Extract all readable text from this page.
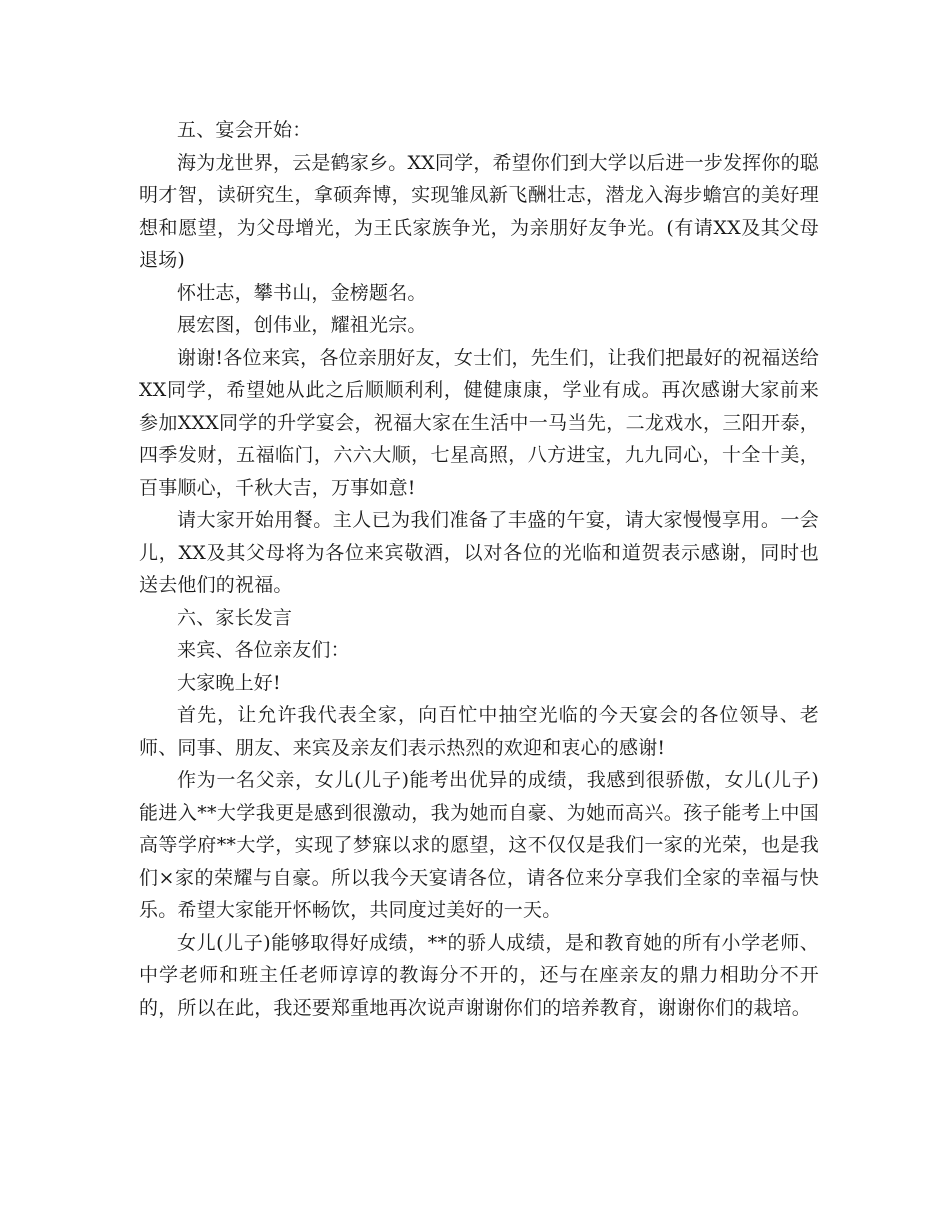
五、宴会开始：

海为龙世界，云是鹤家乡。XX同学，希望你们到大学以后进一步发挥你的聪明才智，读研究生，拿硕奔博，实现雏凤新飞酬壮志，潜龙入海步蟾宫的美好理想和愿望，为父母增光，为王氏家族争光，为亲朋好友争光。(有请XX及其父母退场)

怀壮志，攀书山，金榜题名。

展宏图，创伟业，耀祖光宗。

谢谢!各位来宾，各位亲朋好友，女士们，先生们，让我们把最好的祝福送给XX同学，希望她从此之后顺顺利利，健健康康，学业有成。再次感谢大家前来参加XXX同学的升学宴会，祝福大家在生活中一马当先，二龙戏水，三阳开泰，四季发财，五福临门，六六大顺，七星高照，八方进宝，九九同心，十全十美，百事顺心，千秋大吉，万事如意!

请大家开始用餐。主人已为我们准备了丰盛的午宴，请大家慢慢享用。一会儿，XX及其父母将为各位来宾敬酒，以对各位的光临和道贺表示感谢，同时也送去他们的祝福。

六、家长发言

来宾、各位亲友们：

大家晚上好!

首先，让允许我代表全家，向百忙中抽空光临的今天宴会的各位领导、老师、同事、朋友、来宾及亲友们表示热烈的欢迎和衷心的感谢!

作为一名父亲，女儿(儿子)能考出优异的成绩，我感到很骄傲，女儿(儿子)能进入**大学我更是感到很激动，我为她而自豪、为她而高兴。孩子能考上中国高等学府**大学，实现了梦寐以求的愿望，这不仅仅是我们一家的光荣，也是我们×家的荣耀与自豪。所以我今天宴请各位，请各位来分享我们全家的幸福与快乐。希望大家能开怀畅饮，共同度过美好的一天。

女儿(儿子)能够取得好成绩，**的骄人成绩，是和教育她的所有小学老师、中学老师和班主任老师谆谆的教诲分不开的，还与在座亲友的鼎力相助分不开的，所以在此，我还要郑重地再次说声谢谢你们的培养教育，谢谢你们的栽培。
